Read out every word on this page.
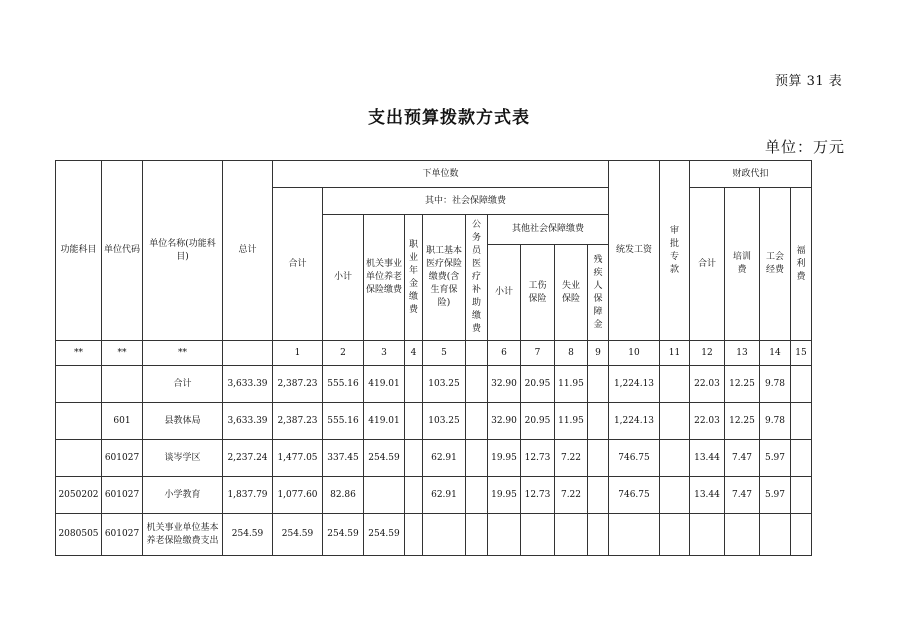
预算 31 表
支出预算拨款方式表
单位：万元
功能科目	单位代码	单位名称(功能科目)	总计	下单位数										统发工资	审批专款	财政代扣			
				合计	其中：社会保障缴费											合计	培训费	工会经费	福利费
					小计	机关事业单位养老保险缴费	职业年金缴费	职工基本医疗保险缴费(含生育保险)	公务员医疗补助缴费	其他社会保障缴费									
										小计	工伤保险	失业保险	残疾人保障金						
**	**	**		1	2	3	4	5		6	7	8	9	10	11	12	13	14	15
		合计	3,633.39	2,387.23	555.16	419.01		103.25		32.90	20.95	11.95		1,224.13		22.03	12.25	9.78	
	601	县教体局	3,633.39	2,387.23	555.16	419.01		103.25		32.90	20.95	11.95		1,224.13		22.03	12.25	9.78	
	601027	谈岑学区	2,237.24	1,477.05	337.45	254.59		62.91		19.95	12.73	7.22		746.75		13.44	7.47	5.97	
2050202	601027	小学教育	1,837.79	1,077.60	82.86			62.91		19.95	12.73	7.22		746.75		13.44	7.47	5.97	
2080505	601027	机关事业单位基本养老保险缴费支出	254.59	254.59	254.59	254.59													
